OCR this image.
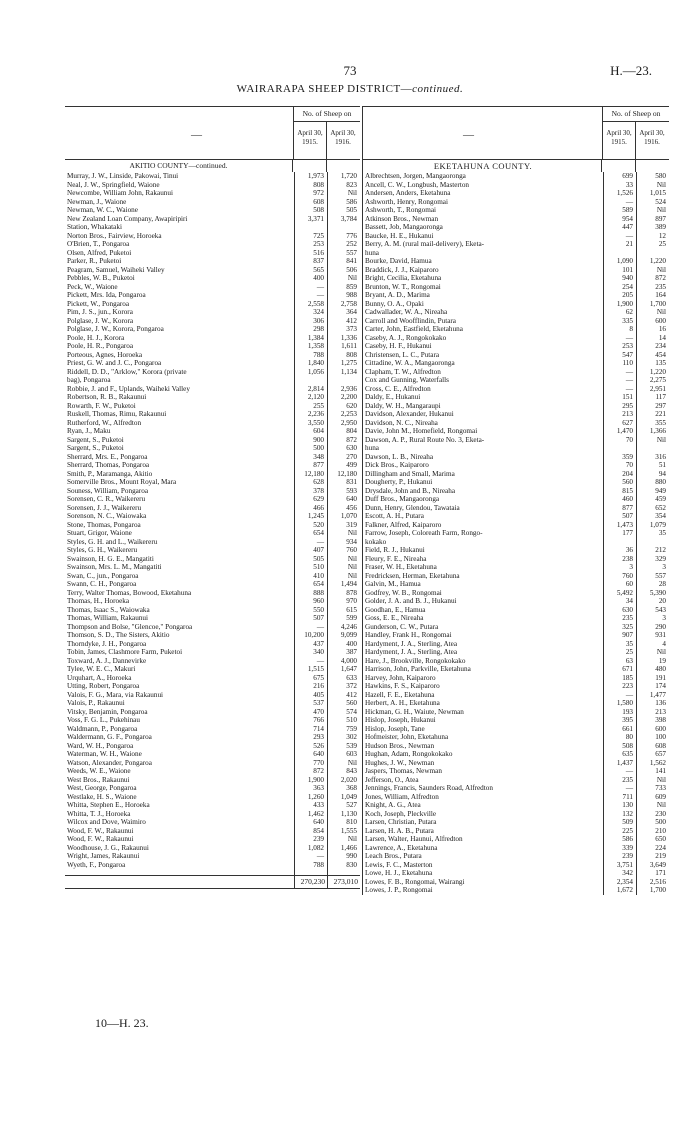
73	H.—23.
WAIRARAPA SHEEP DISTRICT—continued.
—
No. of Sheep on
April 30, 1915.
April 30, 1916.
AKITIO COUNTY—continued.
Murray, J. W., Linside, Pakowai, Tinui	1,973	1,720
Neal, J. W., Springfield, Waione	808	823
Newcombe, William John, Rakaunui	972	Nil
Newman, J., Waione	608	586
Newman, W. C., Waione	508	505
New Zealand Loan Company, Awapiripiri	3,371	3,784
Station, Whakataki
Norton Bros., Fairview, Horoeka	725	776
O'Brien, T., Pongaroa	253	252
Olsen, Alfred, Puketoi	516	557
Parker, R., Puketoi	837	841
Peagram, Samuel, Waiheki Valley	565	506
Pebbles, W. B., Puketoi	400	Nil
Peck, W., Waione	—	859
Pickett, Mrs. Ida, Pongaroa	—	988
Pickett, W., Pongaroa	2,558	2,758
Pim, J. S., jun., Korora	324	364
Polglase, J. W., Korora	306	412
Polglase, J. W., Korora, Pongaroa	298	373
Poole, H. J., Korora	1,384	1,336
Poole, H. R., Pongaroa	1,358	1,611
Porteous, Agnes, Horoeka	788	808
Priest, G. W. and J. C., Pongaroa	1,840	1,275
Riddell, D. D., "Arklow," Korora (private	1,056	1,134
bag), Pongaroa
Robbie, J. and F., Uplands, Waiheki Valley	2,814	2,936
Robertson, R. B., Rakaunui	2,120	2,200
Rowarth, F. W., Puketoi	255	620
Ruskell, Thomas, Rimu, Rakaunui	2,236	2,253
Rutherford, W., Alfredton	3,550	2,950
Ryan, J., Maku	604	804
Sargent, S., Puketoi	900	872
Sargent, S., Puketoi	500	630
Sherrard, Mrs. E., Pongaroa	348	270
Sherrard, Thomas, Pongaroa	877	499
Smith, P., Maramanga, Akitio	12,180	12,180
Somerville Bros., Mount Royal, Mara	628	831
Souness, William, Pongaroa	378	593
Sorensen, C. R., Waikereru	629	640
Sorensen, J. J., Waikereru	466	456
Sorenson, N. C., Waiowaka	1,245	1,070
Stone, Thomas, Pongaroa	520	319
Stuart, Grigor, Waione	654	Nil
Styles, G. H. and L., Waikereru	—	934
Styles, G. H., Waikereru	407	760
Swainson, H. G. E., Mangatiti	505	Nil
Swainson, Mrs. L. M., Mangatiti	510	Nil
Swan, C., jun., Pongaroa	410	Nil
Swann, C. H., Pongaroa	654	1,494
Terry, Walter Thomas, Bowood, Eketahuna	888	878
Thomas, H., Horoeka	960	970
Thomas, Isaac S., Waiowaka	550	615
Thomas, William, Rakaunui	507	599
Thompson and Bolse, "Glencoe," Pongaroa	—	4,246
Thomson, S. D., The Sisters, Akitio	10,200	9,099
Thorndyke, J. H., Pongaroa	437	400
Tobin, James, Clashmore Farm, Puketoi	340	387
Toxward, A. J., Dannevirke	—	4,000
Tylee, W. E. C., Makuri	1,515	1,647
Urquhart, A., Horoeka	675	633
Utting, Robert, Pongaroa	216	372
Valois, F. G., Mara, via Rakaunui	405	412
Valois, P., Rakaunui	537	560
Vitsky, Benjamin, Pongaroa	470	574
Voss, F. G. L., Pukehinau	766	510
Waldmann, P., Pongaroa	714	759
Waldermann, G. F., Pongaroa	293	302
Ward, W. H., Pongaroa	526	539
Waterman, W. H., Waione	640	603
Watson, Alexander, Pongaroa	770	Nil
Weeds, W. E., Waione	872	843
West Bros., Rakaunui	1,900	2,020
West, George, Pongaroa	363	368
Westlake, H. S., Waione	1,260	1,049
Whitta, Stephen E., Horoeka	433	527
Whitta, T. J., Horoeka	1,462	1,130
Wilcox and Dove, Waimiro	640	810
Wood, F. W., Rakaunui	854	1,555
Wood, F. W., Rakaunui	239	Nil
Woodhouse, J. G., Rakaunui	1,082	1,466
Wright, James, Rakaunui	—	990
Wyeth, F., Pongaroa	788	830
270,230	273,010
—
No. of Sheep on
April 30, 1915.
April 30, 1916.
EKETAHUNA COUNTY.
Albrechtsen, Jorgen, Mangaoronga	699	580
Ancell, C. W., Longbush, Masterton	33	Nil
Andersen, Anders, Eketahuna	1,526	1,015
Ashworth, Henry, Rongomai	—	524
Ashworth, T., Rongomai	589	Nil
Atkinson Bros., Newman	954	897
Bassett, Job, Mangaoronga	447	389
Baucke, H. E., Hukanui	—	12
Berry, A. M. (rural mail-delivery), Eketa-	21	25
huna
Bourke, David, Hamua	1,090	1,220
Braddick, J. J., Kaiparoro	101	Nil
Bright, Cecilia, Eketahuna	940	872
Brunton, W. T., Rongomai	254	235
Bryant, A. D., Marima	205	164
Bunny, O. A., Opaki	1,900	1,700
Cadwallader, W. A., Nireaha	62	Nil
Carroll and Woofflindin, Putara	335	600
Carter, John, Eastfield, Eketahuna	8	16
Caseby, A. J., Rongokokako	—	14
Caseby, H. F., Hukanui	253	234
Christensen, L. C., Putara	547	454
Cittadine, W. A., Mangaoronga	110	135
Clapham, T. W., Alfredton	—	1,220
Cox and Gunning, Waterfalls	—	2,275
Cross, C. E., Alfredton	—	2,951
Daldy, E., Hukanui	151	117
Daldy, W. H., Mangaraupi	295	297
Davidson, Alexander, Hukanui	213	221
Davidson, N. C., Nireaha	627	355
Davie, John M., Homefield, Rongomai	1,470	1,366
Dawson, A. P., Rural Route No. 3, Eketa-	70	Nil
huna
Dawson, L. B., Nireaha	359	316
Dick Bros., Kaiparoro	70	51
Dillingham and Small, Marima	204	94
Dougherty, P., Hukanui	560	880
Drysdale, John and B., Nireaha	815	949
Duff Bros., Mangaoronga	460	459
Dunn, Henry, Glendou, Tawataia	877	652
Escott, A. H., Putara	507	354
Falkner, Alfred, Kaiparoro	1,473	1,079
Farrow, Joseph, Coloreath Farm, Rongo-	177	35
kokako
Field, R. J., Hukanui	36	212
Fleury, F. E., Nireaha	238	329
Fraser, W. H., Eketahuna	3	3
Fredricksen, Herman, Eketahuna	760	557
Galvin, M., Hamua	60	28
Godfrey, W. B., Rongomai	5,492	5,390
Golder, J. A. and B. J., Hukanui	34	20
Goodhan, E., Hamua	630	543
Goss, E. E., Nireaha	235	3
Gunderson, C. W., Putara	325	290
Handley, Frank H., Rongomai	907	931
Hardyment, J. A., Sterling, Atea	35	4
Hardyment, J. A., Sterling, Atea	25	Nil
Hare, J., Brookville, Rongokokako	63	19
Harrison, John, Parkville, Eketahuna	671	480
Harvey, John, Kaiparoro	185	191
Hawkins, F. S., Kaiparoro	223	174
Hazell, F. E., Eketahuna	—	1,477
Herbert, A. H., Eketahuna	1,580	136
Hickman, G. H., Waiute, Newman	193	213
Hislop, Joseph, Hukanui	395	398
Hislop, Joseph, Tane	661	600
Hofmeister, John, Eketahuna	80	100
Hudson Bros., Newman	508	608
Hughan, Adam, Rongokokako	635	657
Hughes, J. W., Newman	1,437	1,562
Jaspers, Thomas, Newman	—	141
Jefferson, O., Atea	235	Nil
Jennings, Francis, Saunders Road, Alfredton	—	733
Jones, William, Alfredton	711	609
Knight, A. G., Atea	130	Nil
Koch, Joseph, Pleckville	132	230
Larsen, Christian, Putara	509	500
Larsen, H. A. B., Putara	225	210
Larsen, Walter, Haunui, Alfredton	586	650
Lawrence, A., Eketahuna	339	224
Leach Bros., Putara	239	219
Lewis, F. C., Masterton	3,751	3,649
Lowe, H. J., Eketahuna	342	171
Lowes, F. B., Rongomai, Wairangi	2,354	2,516
Lowes, J. P., Rongomai	1,672	1,700
10—H. 23.
